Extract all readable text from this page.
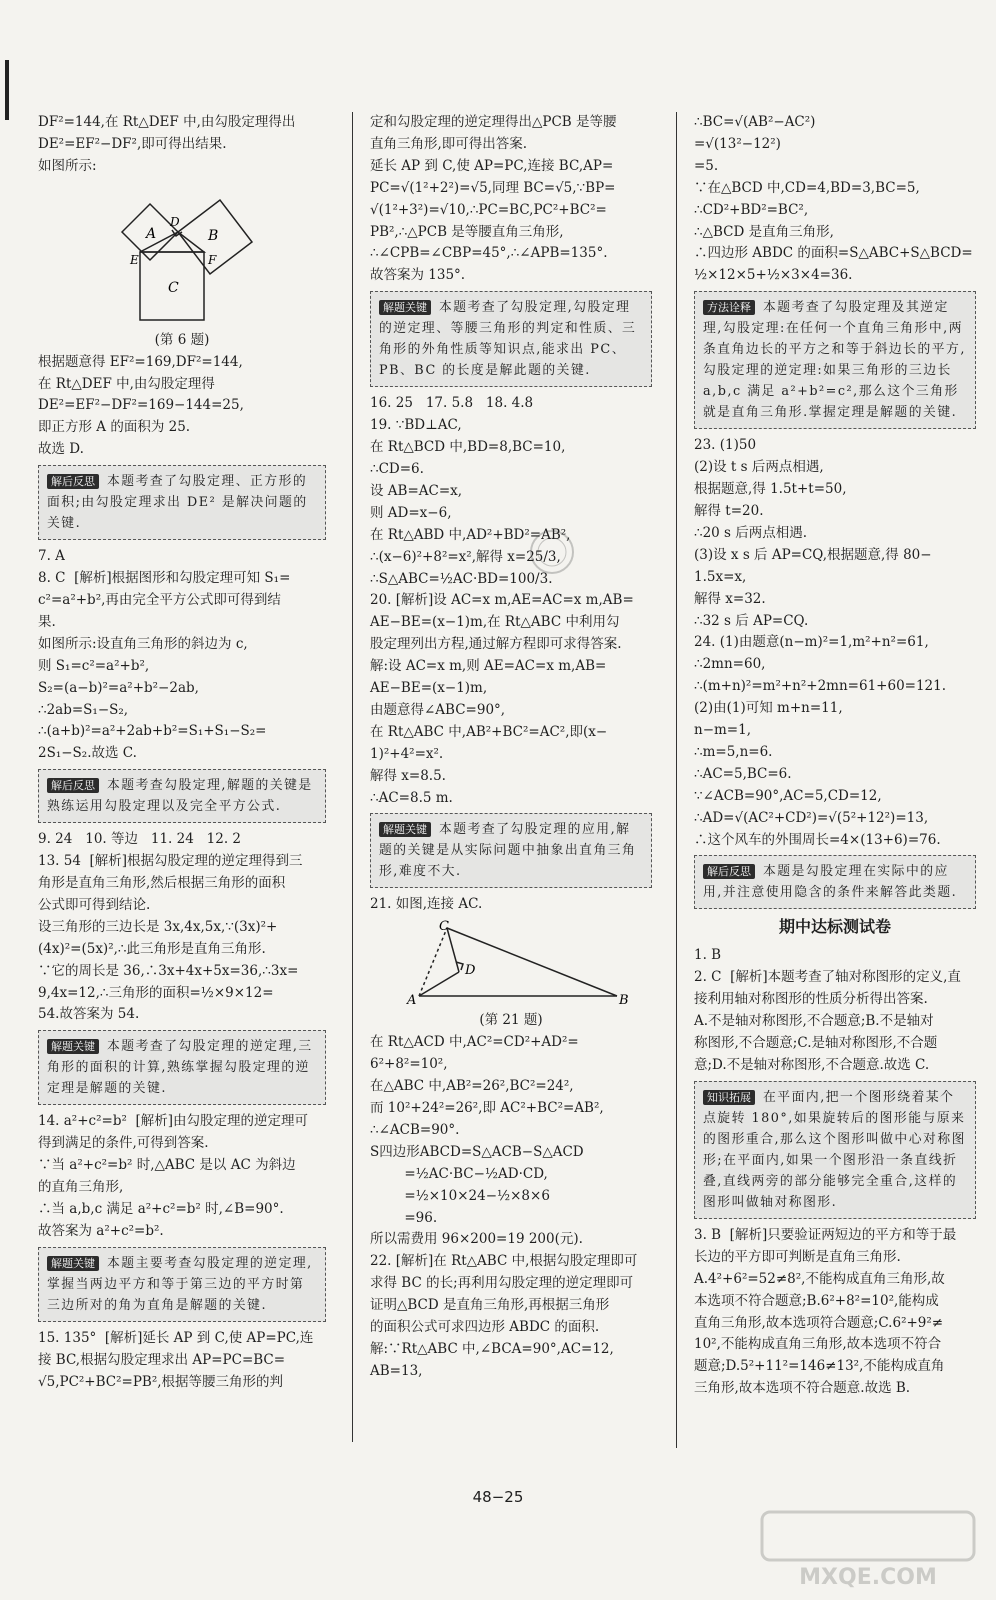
DF²=144,在 Rt△DEF 中,由勾股定理得出
DE²=EF²−DF²,即可得出结果.
如图所示:
A	B
C
D
E	F
(第 6 题)
根据题意得 EF²=169,DF²=144,
在 Rt△DEF 中,由勾股定理得
DE²=EF²−DF²=169−144=25,
即正方形 A 的面积为 25.
故选 D.
解后反思 本题考查了勾股定理、正方形的面积;由勾股定理求出 DE² 是解决问题的关键.
7. A
8. C  [解析]根据图形和勾股定理可知 S₁=
c²=a²+b²,再由完全平方公式即可得到结
果.
如图所示:设直角三角形的斜边为 c,
则 S₁=c²=a²+b²,
S₂=(a−b)²=a²+b²−2ab,
∴2ab=S₁−S₂,
∴(a+b)²=a²+2ab+b²=S₁+S₁−S₂=
2S₁−S₂.故选 C.
解后反思 本题考查勾股定理,解题的关键是熟练运用勾股定理以及完全平方公式.
9. 24   10. 等边   11. 24   12. 2
13. 54  [解析]根据勾股定理的逆定理得到三
角形是直角三角形,然后根据三角形的面积
公式即可得到结论.
设三角形的三边长是 3x,4x,5x,∵(3x)²+
(4x)²=(5x)²,∴此三角形是直角三角形.
∵它的周长是 36,∴3x+4x+5x=36,∴3x=
9,4x=12,∴三角形的面积=½×9×12=
54.故答案为 54.
解题关键 本题考查了勾股定理的逆定理,三角形的面积的计算,熟练掌握勾股定理的逆定理是解题的关键.
14. a²+c²=b²  [解析]由勾股定理的逆定理可
得到满足的条件,可得到答案.
∵当 a²+c²=b² 时,△ABC 是以 AC 为斜边
的直角三角形,
∴当 a,b,c 满足 a²+c²=b² 时,∠B=90°.
故答案为 a²+c²=b².
解题关键 本题主要考查勾股定理的逆定理,掌握当两边平方和等于第三边的平方时第三边所对的角为直角是解题的关键.
15. 135°  [解析]延长 AP 到 C,使 AP=PC,连
接 BC,根据勾股定理求出 AP=PC=BC=
√5,PC²+BC²=PB²,根据等腰三角形的判
定和勾股定理的逆定理得出△PCB 是等腰
直角三角形,即可得出答案.
延长 AP 到 C,使 AP=PC,连接 BC,AP=
PC=√(1²+2²)=√5,同理 BC=√5,∵BP=
√(1²+3²)=√10,∴PC=BC,PC²+BC²=
PB²,∴△PCB 是等腰直角三角形,
∴∠CPB=∠CBP=45°,∴∠APB=135°.
故答案为 135°.
解题关键 本题考查了勾股定理,勾股定理的逆定理、等腰三角形的判定和性质、三角形的外角性质等知识点,能求出 PC、PB、BC 的长度是解此题的关键.
16. 25   17. 5.8   18. 4.8
19. ∵BD⊥AC,
在 Rt△BCD 中,BD=8,BC=10,
∴CD=6.
设 AB=AC=x,
则 AD=x−6,
在 Rt△ABD 中,AD²+BD²=AB²,
∴(x−6)²+8²=x²,解得 x=25/3,
∴S△ABC=½AC·BD=100/3.
20. [解析]设 AC=x m,AE=AC=x m,AB=
AE−BE=(x−1)m,在 Rt△ABC 中利用勾
股定理列出方程,通过解方程即可求得答案.
解:设 AC=x m,则 AE=AC=x m,AB=
AE−BE=(x−1)m,
由题意得∠ABC=90°,
在 Rt△ABC 中,AB²+BC²=AC²,即(x−
1)²+4²=x².
解得 x=8.5.
∴AC=8.5 m.
解题关键 本题考查了勾股定理的应用,解题的关键是从实际问题中抽象出直角三角形,难度不大.
21. 如图,连接 AC.
C
D
A	B
(第 21 题)
在 Rt△ACD 中,AC²=CD²+AD²=
6²+8²=10²,
在△ABC 中,AB²=26²,BC²=24²,
而 10²+24²=26²,即 AC²+BC²=AB²,
∴∠ACB=90°.
S四边形ABCD=S△ACB−S△ACD
=½AC·BC−½AD·CD,
=½×10×24−½×8×6
=96.
所以需费用 96×200=19 200(元).
22. [解析]在 Rt△ABC 中,根据勾股定理即可
求得 BC 的长;再利用勾股定理的逆定理即可
证明△BCD 是直角三角形,再根据三角形
的面积公式可求四边形 ABDC 的面积.
解:∵Rt△ABC 中,∠BCA=90°,AC=12,
AB=13,
∴BC=√(AB²−AC²)
=√(13²−12²)
=5.
∵在△BCD 中,CD=4,BD=3,BC=5,
∴CD²+BD²=BC²,
∴△BCD 是直角三角形,
∴四边形 ABDC 的面积=S△ABC+S△BCD=
½×12×5+½×3×4=36.
方法诠释 本题考查了勾股定理及其逆定理,勾股定理:在任何一个直角三角形中,两条直角边长的平方之和等于斜边长的平方,勾股定理的逆定理:如果三角形的三边长 a,b,c 满足 a²+b²=c²,那么这个三角形就是直角三角形.掌握定理是解题的关键.
23. (1)50
(2)设 t s 后两点相遇,
根据题意,得 1.5t+t=50,
解得 t=20.
∴20 s 后两点相遇.
(3)设 x s 后 AP=CQ,根据题意,得 80−
1.5x=x,
解得 x=32.
∴32 s 后 AP=CQ.
24. (1)由题意(n−m)²=1,m²+n²=61,
∴2mn=60,
∴(m+n)²=m²+n²+2mn=61+60=121.
(2)由(1)可知 m+n=11,
n−m=1,
∴m=5,n=6.
∴AC=5,BC=6.
∵∠ACB=90°,AC=5,CD=12,
∴AD=√(AC²+CD²)=√(5²+12²)=13,
∴这个风车的外围周长=4×(13+6)=76.
解后反思 本题是勾股定理在实际中的应用,并注意使用隐含的条件来解答此类题.
期中达标测试卷
1. B
2. C  [解析]本题考查了轴对称图形的定义,直
接利用轴对称图形的性质分析得出答案.
A.不是轴对称图形,不合题意;B.不是轴对
称图形,不合题意;C.是轴对称图形,不合题
意;D.不是轴对称图形,不合题意.故选 C.
知识拓展 在平面内,把一个图形绕着某个点旋转 180°,如果旋转后的图形能与原来的图形重合,那么这个图形叫做中心对称图形;在平面内,如果一个图形沿一条直线折叠,直线两旁的部分能够完全重合,这样的图形叫做轴对称图形.
3. B  [解析]只要验证两短边的平方和等于最
长边的平方即可判断是直角三角形.
A.4²+6²=52≠8²,不能构成直角三角形,故
本选项不符合题意;B.6²+8²=10²,能构成
直角三角形,故本选项符合题意;C.6²+9²≠
10²,不能构成直角三角形,故本选项不符合
题意;D.5²+11²=146≠13²,不能构成直角
三角形,故本选项不符合题意.故选 B.
48−25
MXQE.COM
